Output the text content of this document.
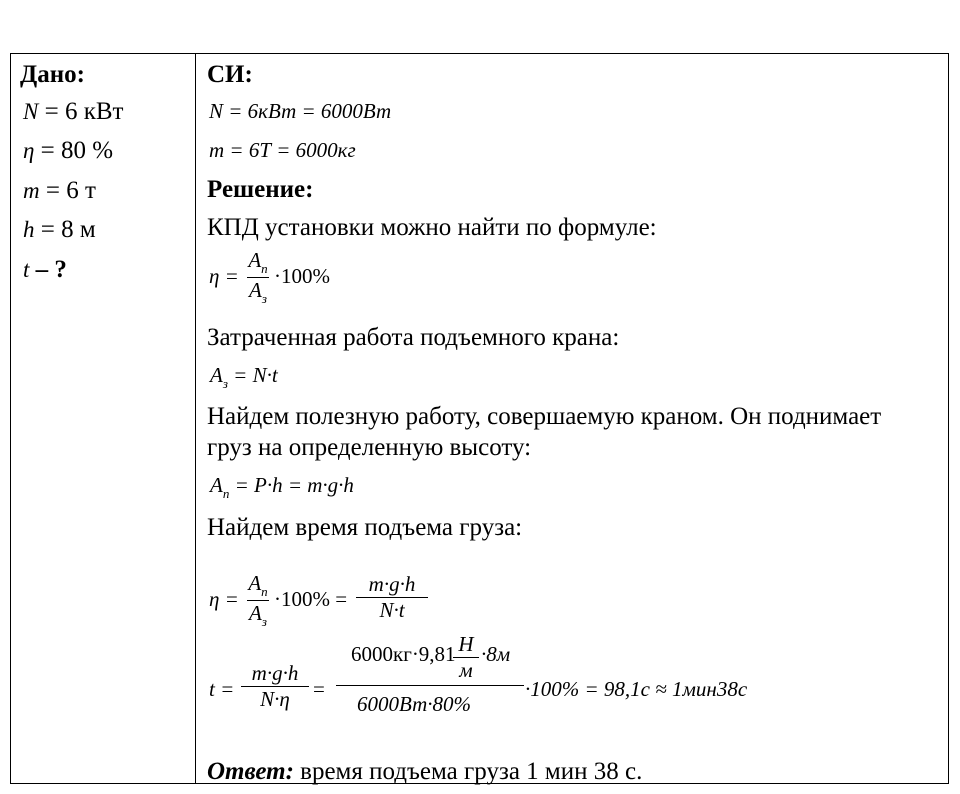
Дано:
N = 6 кВт
η = 80 %
m = 6 т
h = 8 м
t – ?
СИ:
N = 6кВт = 6000Вт
m = 6Т = 6000кг
Решение:
КПД установки можно найти по формуле:
η =
$A_п$
$A_з$
·100%
Затраченная работа подъемного крана:
$A_з = N\cdot t$
Найдем полезную работу, совершаемую краном. Он поднимает
груз на определенную высоту:
$A_п = P\cdot h = m\cdot g\cdot h$
Найдем время подъема груза:
η =
$A_п$
$A_з$
·100% =
m·g·h
N·t
t =
m·g·h
N·η	=
6000кг·9,81 Н
м
·8м
6000Вт·80%
·100% = 98,1с ≈ 1мин38с
Ответ: время подъема груза 1 мин 38 с.
